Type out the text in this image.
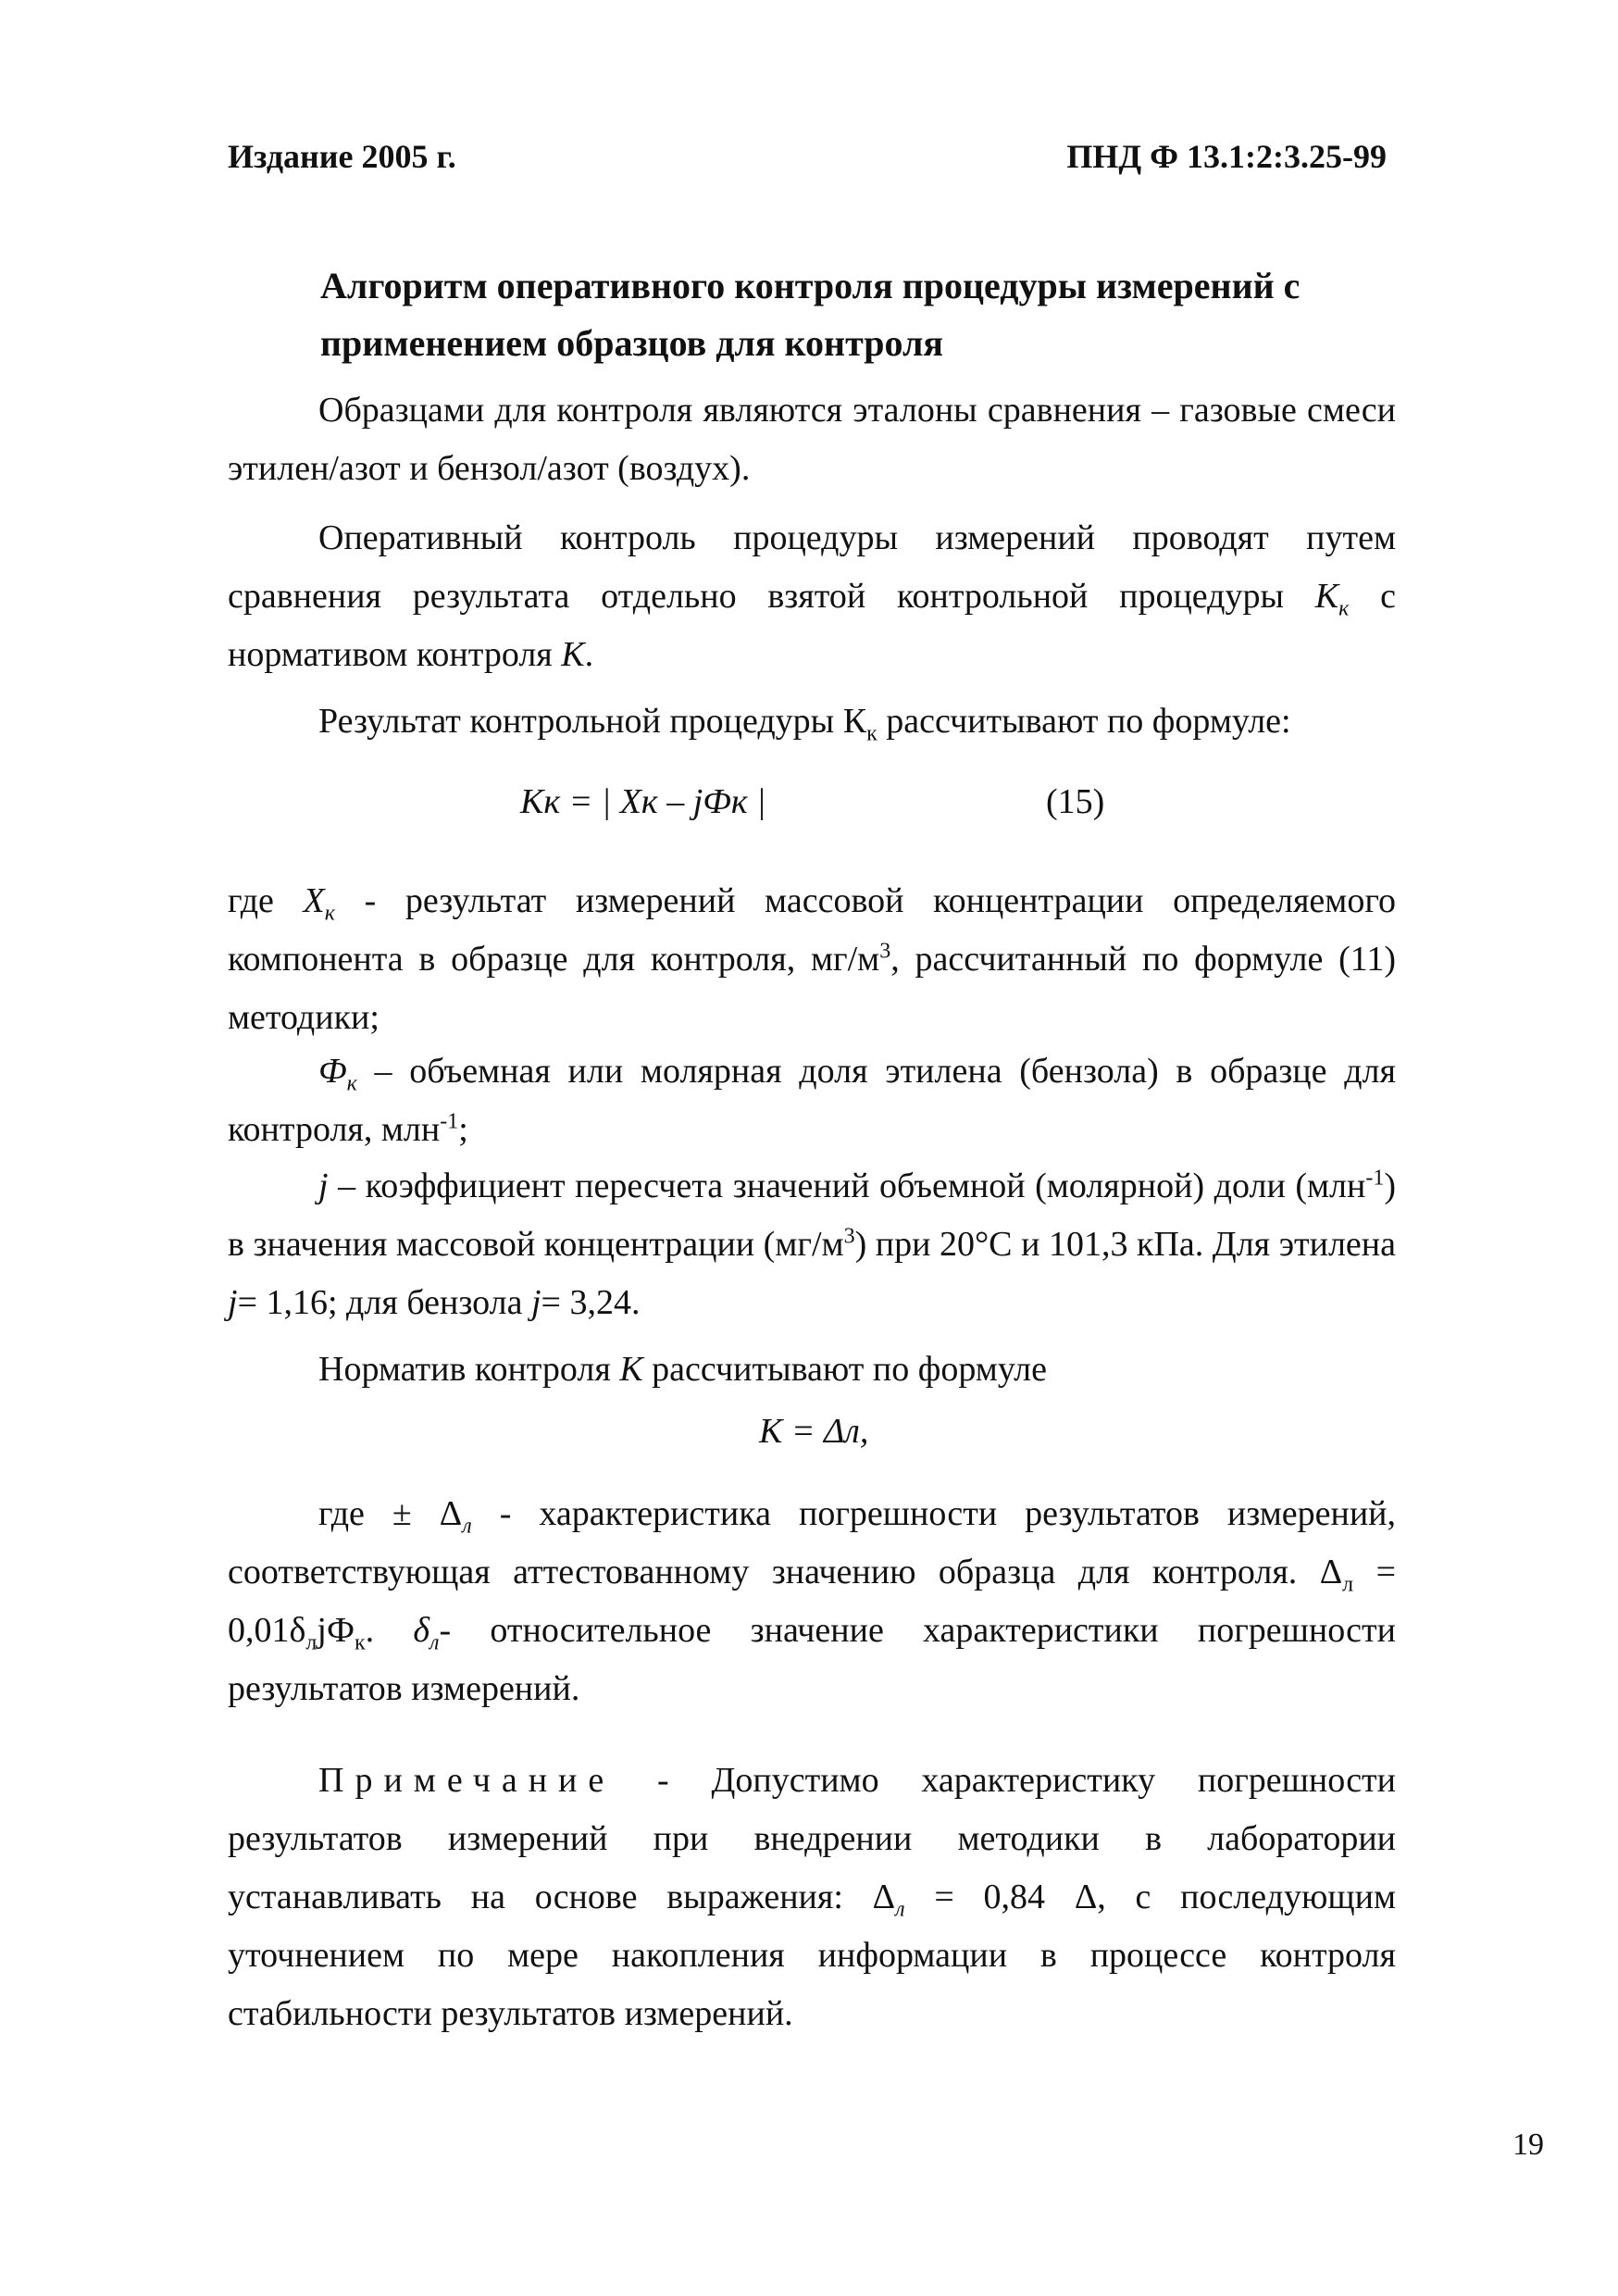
Издание 2005 г.	ПНД Ф 13.1:2:3.25-99
Алгоритм оперативного контроля процедуры измерений с применением образцов для контроля
Образцами для контроля являются эталоны сравнения – газовые смеси этилен/азот и бензол/азот (воздух).
Оперативный контроль процедуры измерений проводят путем сравнения результата отдельно взятой контрольной процедуры $K_к$ с нормативом контроля K.
Результат контрольной процедуры $К_к$ рассчитывают по формуле:
Kк = | Xк – jФк |	(15)
где $X_к$ - результат измерений массовой концентрации определяемого компонента в образце для контроля, $мг/м^3$, рассчитанный по формуле (11) методики;
$Ф_к$ – объемная или молярная доля этилена (бензола) в образце для контроля, млн$^{-1}$;
j – коэффициент пересчета значений объемной (молярной) доли (млн$^{-1}$) в значения массовой концентрации $(мг/м^3)$ при 20°С и 101,3 кПа. Для этилена j= 1,16; для бензола j= 3,24.
Норматив контроля K рассчитывают по формуле
K = Δл,
где ± $\Delta_л$ - характеристика погрешности результатов измерений, соответствующая аттестованному значению образца для контроля. $\Delta_л = 0,01\delta_лjФ_к$. $\delta_л-$ относительное значение характеристики погрешности результатов измерений.
Примечание - Допустимо характеристику погрешности результатов измерений при внедрении методики в лаборатории устанавливать на основе выражения: $\Delta_л = 0,84$ Δ, с последующим уточнением по мере накопления информации в процессе контроля стабильности результатов измерений.
19
